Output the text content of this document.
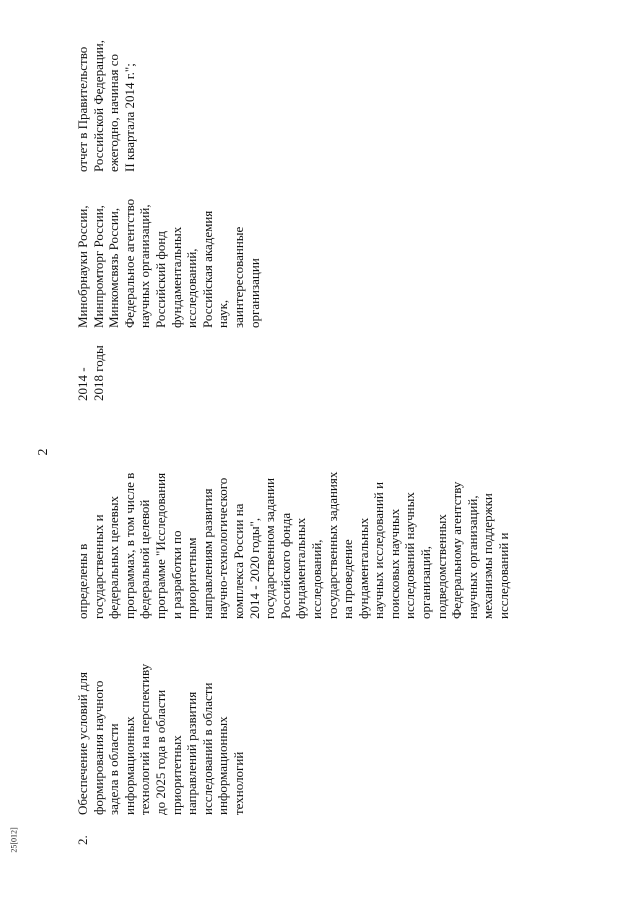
2
25[012]	2.
Обеспечение условий для
формирования научного
задела в области
информационных
технологий на перспективу
до 2025 года в области
приоритетных
направлений развития
исследований в области
информационных
технологий
определены в
государственных и
федеральных целевых
программах, в том числе в
федеральной целевой
программе "Исследования
и разработки по
приоритетным
направлениям развития
научно-технологического
комплекса России на
2014 - 2020 годы",
государственном задании
Российского фонда
фундаментальных
исследований,
государственных заданиях
на проведение
фундаментальных
научных исследований и
поисковых научных
исследований научных
организаций,
подведомственных
Федеральному агентству
научных организаций,
механизмы поддержки
исследований и
2014 -
2018 годы
Минобрнауки России,
Минпромторг России,
Минкомсвязь России,
Федеральное агентство
научных организаций,
Российский фонд
фундаментальных
исследований,
Российская академия
наук,
заинтересованные
организации
отчет в Правительство
Российской Федерации,
ежегодно, начиная со
II квартала 2014 г.";
